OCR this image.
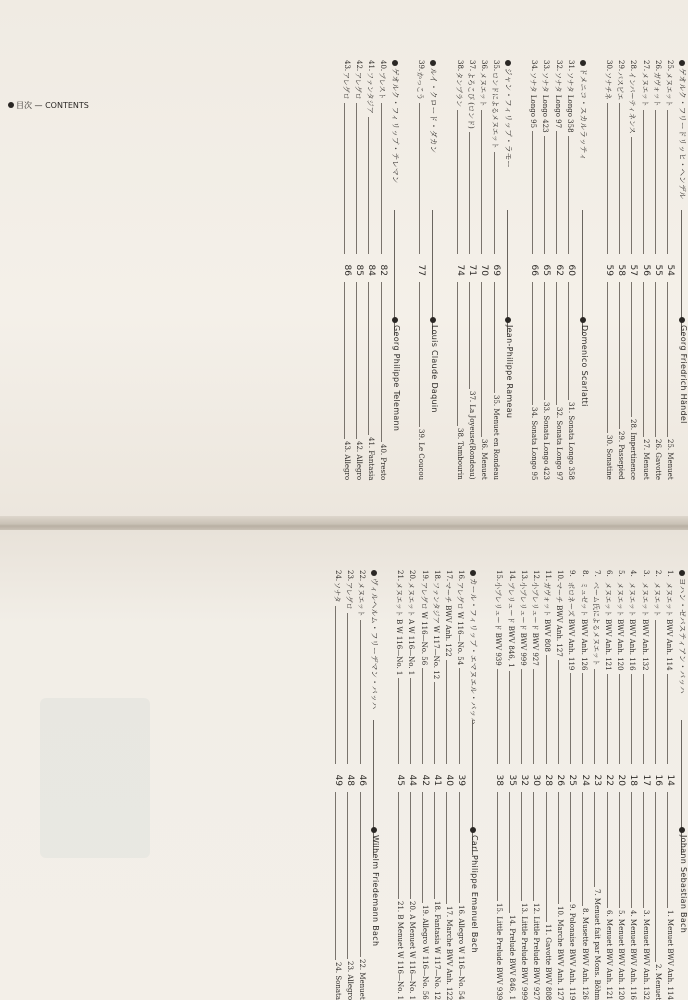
目次 — CONTENTS	ゲオルク・フリードリッヒ・ヘンデル
Georg Friedrich Händel
25.
メヌエット
54
25. Menuet
26.
ガヴォット
55
26. Gavotte
27.
メヌエット
56
27. Menuet
28.
インパーティネンス
57
28. Impertinence
29.
パスピエ
58
29. Passepied
30.
ソナチネ
59
30. Sonatine
ドメニコ・スカルラッティ
Domenico Scarlatti
31.
ソナタ Longo 358
60
31. Sonata Longo 358
32.
ソナタ Longo 97
62
32. Sonata Longo 97
33.
ソナタ Longo 423
65
33. Sonata Longo 423
34.
ソナタ Longo 95
66
34. Sonata Longo 95
ジャン・フィリップ・ラモー
Jean-Philippe Rameau
35.
ロンドによるメヌエット
69
35. Menuet en Rondeau
36.
メヌエット
70
36. Menuet
37.
よろこび (ロンド)
71
37. La Joyeuse(Rondeau)
38.
タンブラン
74
38. Tambourin
ルイ・クロード・ダカン
Louis Claude Daquin
39.
かっこう
77
39. Le Coucou
ゲオルク・フィリップ・テレマン
Georg Philippe Telemann
40.
プレスト
82
40. Presto
41.
ファンタジア
84
41. Fantasia
42.
アレグロ
85
42. Allegro
43.
アレグロ
86
43. Allegro
ヨハン・ゼバスティアン・バッハ
Johann Sebastian Bach
1.
メヌエット BWV Anh. 114
14
1. Menuet BWV Anh. 114
2.
メヌエット
16
2. Menuet
3.
メヌエット BWV Anh. 132
17
3. Menuet BWV Anh. 132
4.
メヌエット BWV Anh. 116
18
4. Menuet BWV Anh. 116
5.
メヌエット BWV Anh. 120
20
5. Menuet BWV Anh. 120
6.
メヌエット BWV Anh. 121
22
6. Menuet BWV Anh. 121
7.
ベーム氏によるメヌエット
23
7. Menuet fait par Mons. Böhm
8.
ミュゼット BWV Anh. 126
24
8. Musette BWV Anh. 126
9.
ポロネーズ BWV Anh. 119
25
9. Polonaise BWV Anh. 119
10.
マーチ BWV Anh. 127
26
10. Marche BWV Anh. 127
11.
ガヴォット BWV 808
28
11. Gavotte BWV 808
12.
小プレリュード BWV 927
30
12. Little Prelude BWV 927
13.
小プレリュード BWV 999
32
13. Little Prelude BWV 999
14.
プレリュード BWV 846, 1
35
14. Prelude BWV 846, 1
15.
小プレリュード BWV 939
38
15. Little Prelude BWV 939
カール・フィリップ・エマヌエル・バッハ
Carl Philippe Emanuel Bach
16.
アレグロ W 116—No. 54
39
16. Allegro W 116—No. 54
17.
マーチ BWV Anh. 122
40
17. Marche BWV Anh. 122
18.
ファンタジア W 117—No. 12
41
18. Fantasia W 117—No. 12
19.
アレグロ W 116—No. 56
42
19. Allegro W 116—No. 56
20.
メヌエット A W 116—No. 1
44
20. A Menuet W 116—No. 1
21.
メヌエット B W 116—No. 1
45
21. B Menuet W 116—No. 1
ヴィルヘルム・フリーデマン・バッハ
Wilhelm Friedemann Bach
22.
メヌエット
46
22. Menuet
23.
アレグロ
48
23. Allegro
24.
ソナタ
49
24. Sonata
